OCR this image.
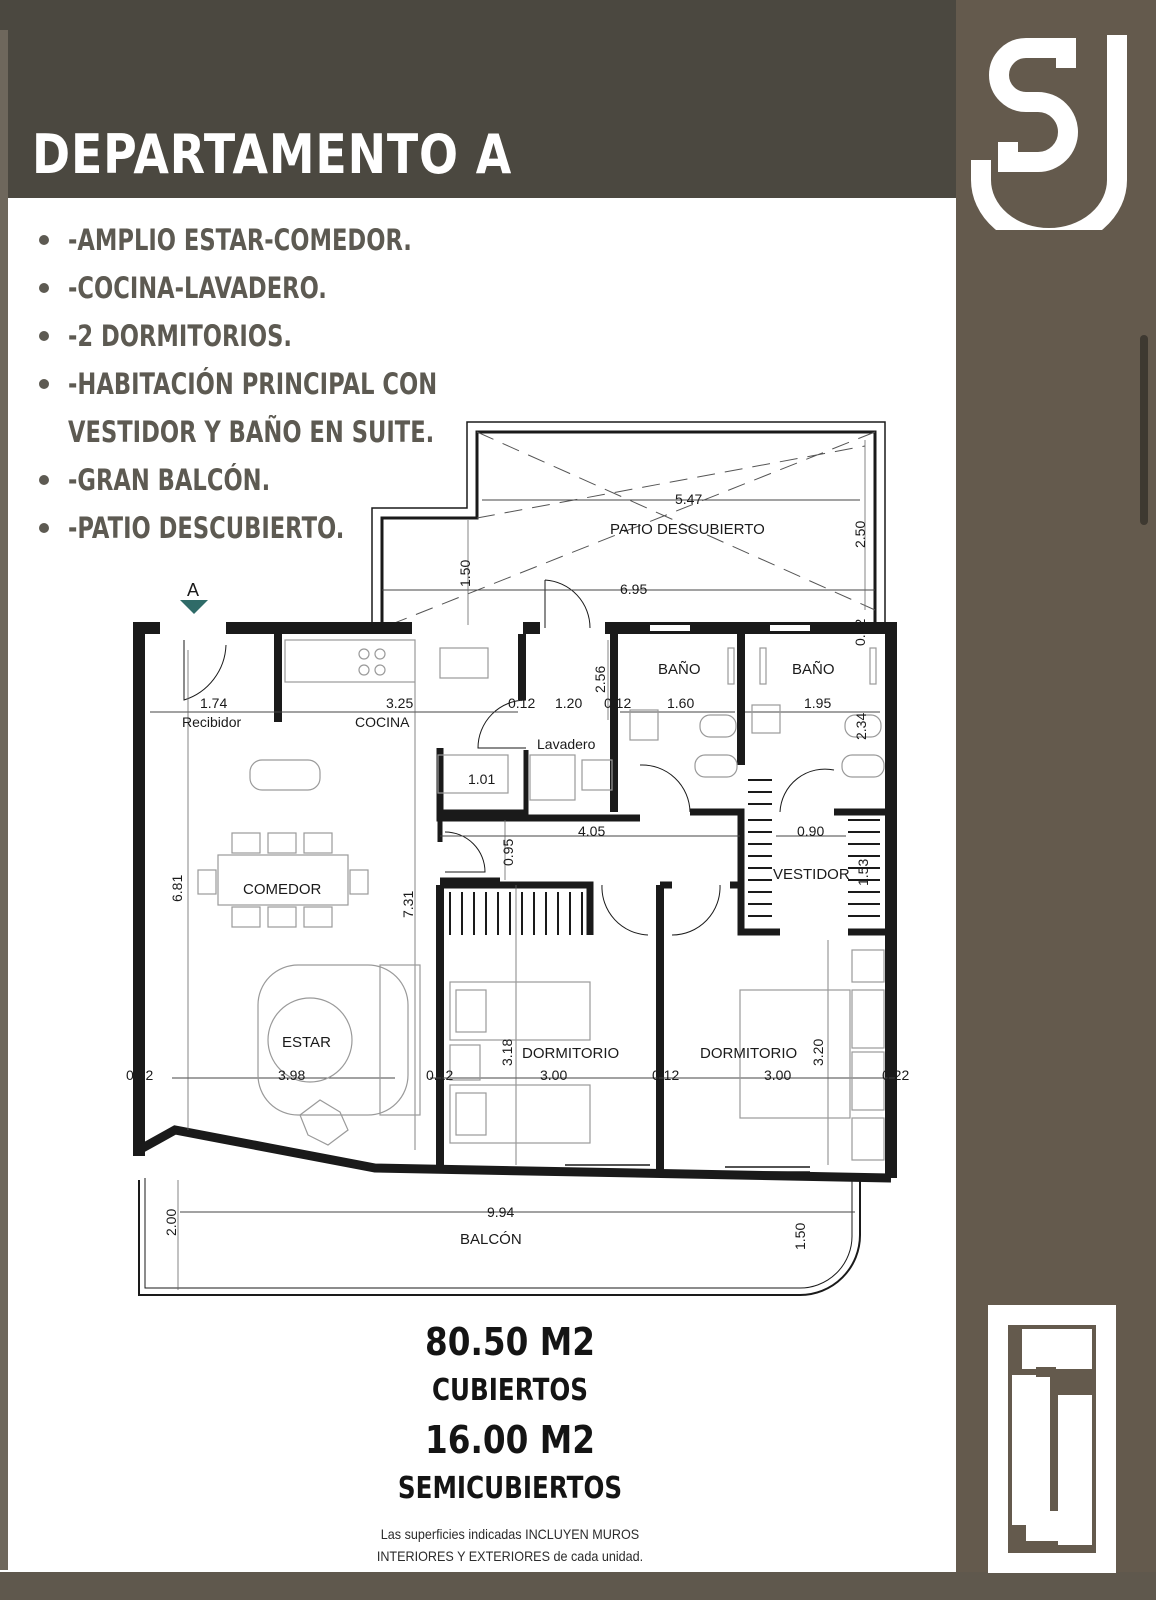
DEPARTAMENTO A
-AMPLIO ESTAR-COMEDOR.
-COCINA-LAVADERO.
-2 DORMITORIOS.
-HABITACIÓN PRINCIPAL CON
VESTIDOR Y BAÑO EN SUITE.
-GRAN BALCÓN.
-PATIO DESCUBIERTO.
A
PATIO DESCUBIERTO
BAÑO	BAÑO
Recibidor	COCINA
Lavadero
COMEDOR
VESTIDOR
ESTAR
DORMITORIO	DORMITORIO
BALCÓN
5.47
2.50
1.50
6.95
0.22
2.56
1.74	3.25	0.12 1.20 0.12	1.60	1.95
2.34
1.01
4.05	0.90
0.95
6.81
7.31
1.53
3.18	3.20
0.22	3.98	0.12	3.00	0.12	3.00	0.22
9.94
2.00
1.50
80.50 M2
CUBIERTOS
16.00 M2
SEMICUBIERTOS
Las superficies indicadas INCLUYEN MUROS
INTERIORES Y EXTERIORES de cada unidad.
